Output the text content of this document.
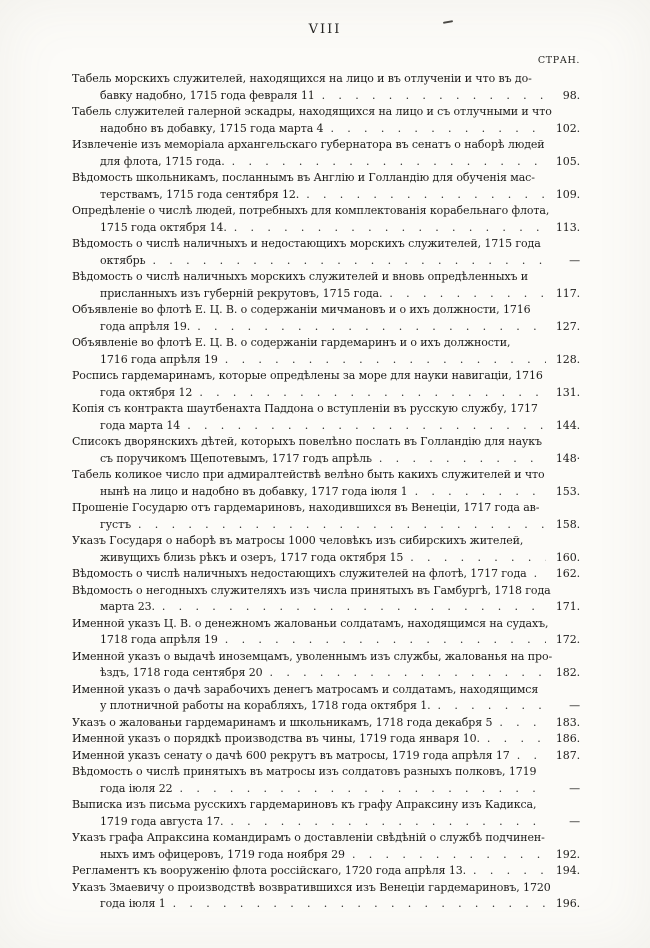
VIII
СТРАН.
Табель морскихъ служителей, находящихся на лицо и въ отлученіи и что въ до-
бавку надобно, 1715 года февраля 11 . . .	98.
Табель служителей галерной эскадры, находящихся на лицо и съ отлучными и что
надобно въ добавку, 1715 года марта 4 . . .	102.
Извлеченіе изъ меморіала архангельскаго губернатора въ сенатъ о наборѣ людей
для флота, 1715 года. . . .	105.
Вѣдомость школьникамъ, посланнымъ въ Англію и Голландію для обученія мас-
терствамъ, 1715 года сентября 12. . . .	109.
Опредѣленіе о числѣ людей, потребныхъ для комплектованія корабельнаго флота,
1715 года октября 14. . . .	113.
Вѣдомость о числѣ наличныхъ и недостающихъ морскихъ служителей, 1715 года
октябрь . . .	—
Вѣдомость о числѣ наличныхъ морскихъ служителей и вновь опредѣленныхъ и
присланныхъ изъ губерній рекрутовъ, 1715 года. . . .	117.
Объявленіе во флотѣ Е. Ц. В. о содержаніи мичмановъ и о ихъ должности, 1716
года апрѣля 19. . . .	127.
Объявленіе во флотѣ Е. Ц. В. о содержаніи гардемаринъ и о ихъ должности,
1716 года апрѣля 19 . . .	128.
Роспись гардемаринамъ, которые опредѣлены за море для науки навигаціи, 1716
года октября 12 . . .	131.
Копія съ контракта шаутбенахта Паддона о вступленіи въ русскую службу, 1717
года марта 14 . . .	144.
Списокъ дворянскихъ дѣтей, которыхъ повелѣно послать въ Голландію для наукъ
съ поручикомъ Щепотевымъ, 1717 годъ апрѣль . . .	148·
Табель коликое число при адмиралтействѣ велѣно быть какихъ служителей и что
нынѣ на лицо и надобно въ добавку, 1717 года іюля 1 . . .	153.
Прошеніе Государю отъ гардемариновъ, находившихся въ Венеціи, 1717 года ав-
густъ . . .	158.
Указъ Государя о наборѣ въ матросы 1000 человѣкъ изъ сибирскихъ жителей,
живущихъ близь рѣкъ и озеръ, 1717 года октября 15 . . .	160.
Вѣдомость о числѣ наличныхъ недостающихъ служителей на флотѣ, 1717 года . . .	162.
Вѣдомость о негодныхъ служителяхъ изъ числа принятыхъ въ Гамбургѣ, 1718 года
марта 23. . . .	171.
Именной указъ Ц. В. о денежномъ жалованьи солдатамъ, находящимся на судахъ,
1718 года апрѣля 19 . . .	172.
Именной указъ о выдачѣ иноземцамъ, уволеннымъ изъ службы, жалованья на про-
ѣздъ, 1718 года сентября 20 . . .	182.
Именной указъ о дачѣ зарабочихъ денегъ матросамъ и солдатамъ, находящимся
у плотничной работы на корабляхъ, 1718 года октября 1. . . .	—
Указъ о жалованьи гардемаринамъ и школьникамъ, 1718 года декабря 5 . . .	183.
Именной указъ о порядкѣ производства въ чины, 1719 года января 10. . . .	186.
Именной указъ сенату о дачѣ 600 рекрутъ въ матросы, 1719 года апрѣля 17 . . .	187.
Вѣдомость о числѣ принятыхъ въ матросы изъ солдатовъ разныхъ полковъ, 1719
года іюля 22 . . .	—
Выписка изъ письма русскихъ гардемариновъ къ графу Апраксину изъ Кадикса,
1719 года августа 17. . . .	—
Указъ графа Апраксина командирамъ о доставленіи свѣдѣній о службѣ подчинен-
ныхъ имъ офицеровъ, 1719 года ноября 29 . . .	192.
Регламентъ къ вооруженію флота россійскаго, 1720 года апрѣля 13. . . .	194.
Указъ Змаевичу о производствѣ возвратившихся изъ Венеціи гардемариновъ, 1720
года іюля 1 . . .	196.
